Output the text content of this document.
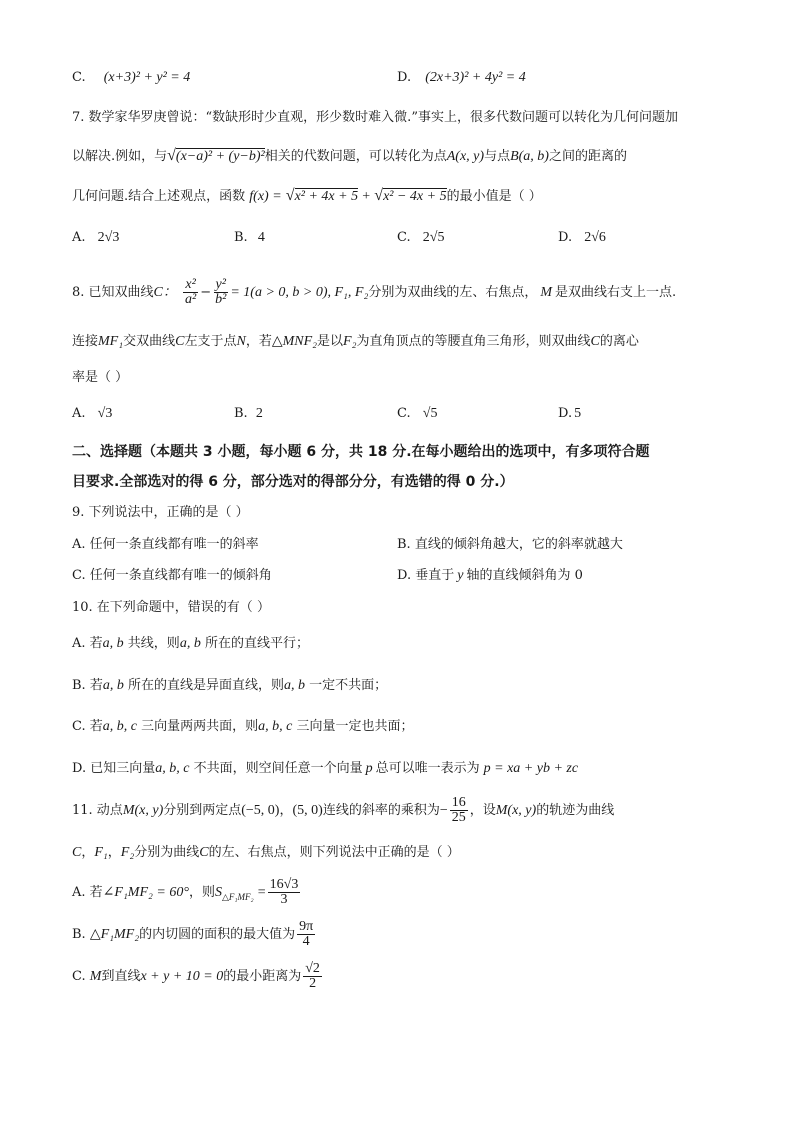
C. (x+3)² + y² = 4	D. (2x+3)² + 4y² = 4
7. 数学家华罗庚曾说：“数缺形时少直观，形少数时难入微.”事实上，很多代数问题可以转化为几何问题加
以解决.例如，与√(x−a)² + (y−b)²相关的代数问题，可以转化为点A(x, y)与点B(a, b)之间的距离的
几何问题.结合上述观点，函数 f(x) = √x² + 4x + 5 + √x² − 4x + 5的最小值是（ ）
A. 2√3	B. 4	C. 2√5	D. 2√6
8. 已知双曲线C： $\frac{\text{x²}}{\text{a²}} - \frac{\text{y²}}{\text{b²}} = 1(a > 0$, b > 0), F₁, F₂分别为双曲线的左、右焦点， M 是双曲线右支上一点.
连接MF₁交双曲线C左支于点N，若△MNF₂是以F₂为直角顶点的等腰直角三角形，则双曲线C的离心
率是（ ）
A. √3	B. 2	C. √5	D. 5
二、选择题（本题共 3 小题，每小题 6 分，共 18 分.在每小题给出的选项中，有多项符合题
目要求.全部选对的得 6 分，部分选对的得部分分，有选错的得 0 分.）
9. 下列说法中，正确的是（ ）
A. 任何一条直线都有唯一的斜率	B. 直线的倾斜角越大，它的斜率就越大
C. 任何一条直线都有唯一的倾斜角	D. 垂直于 y 轴的直线倾斜角为 0
10. 在下列命题中，错误的有（ ）
A. 若a, b 共线，则a, b 所在的直线平行；
B. 若a, b 所在的直线是异面直线，则a, b 一定不共面；
C. 若a, b, c 三向量两两共面，则a, b, c 三向量一定也共面；
D. 已知三向量a, b, c 不共面，则空间任意一个向量 p 总可以唯一表示为 p = xa + yb + zc
11. 动点M(x, y)分别到两定点(−5, 0)，(5, 0)连线的斜率的乘积为− $\frac{16}{25}$ ，设M(x, y)的轨迹为曲线
C，F₁，F₂分别为曲线C的左、右焦点，则下列说法中正确的是（ ）
A. 若∠F₁MF₂ = 60°，则$S_{\triangle F_1MF_2} = \frac{16√3}{3}$
B. △F₁MF₂的内切圆的面积的最大值为 $\frac{9\pi}{4}$
C. M到直线x + y + 10 = 0的最小距离为 $\frac{√2}{2}$
